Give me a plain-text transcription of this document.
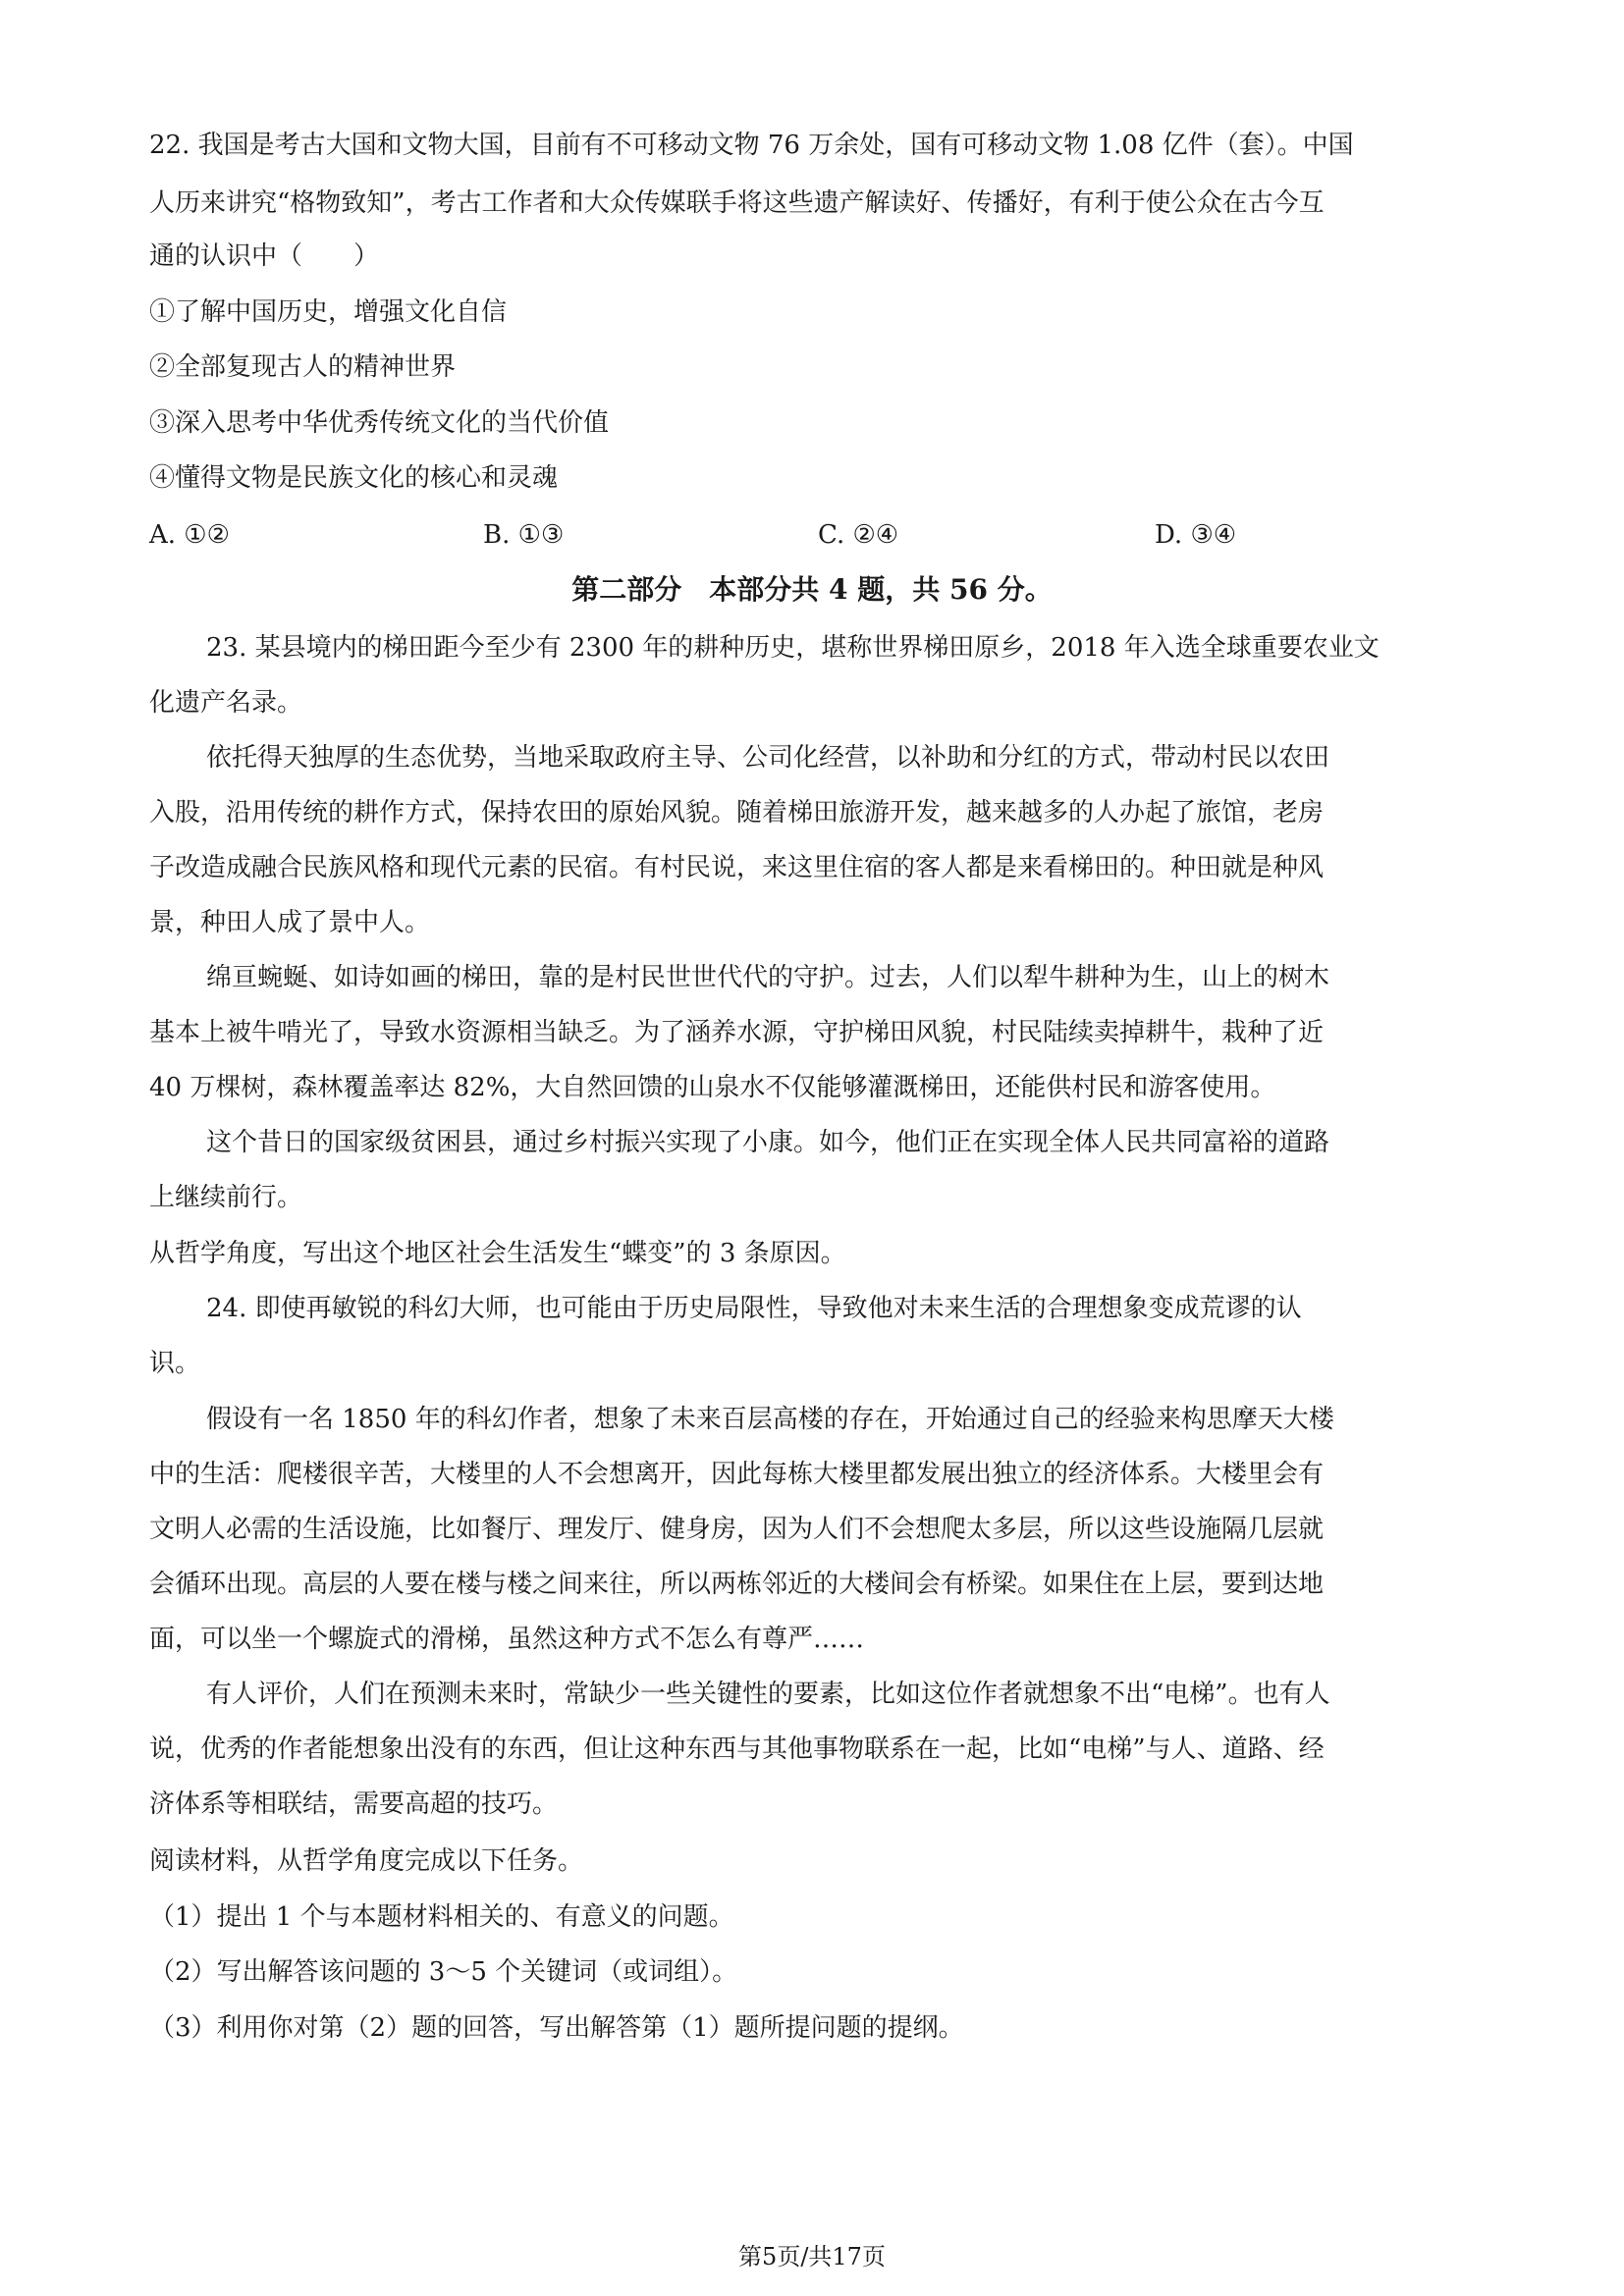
22. 我国是考古大国和文物大国，目前有不可移动文物 76 万余处，国有可移动文物 1.08 亿件（套）。中国
人历来讲究“格物致知”，考古工作者和大众传媒联手将这些遗产解读好、传播好，有利于使公众在古今互
通的认识中（　　）
①了解中国历史，增强文化自信
②全部复现古人的精神世界
③深入思考中华优秀传统文化的当代价值
④懂得文物是民族文化的核心和灵魂
A. ①②	B. ①③	C. ②④	D. ③④
第二部分　本部分共 4 题，共 56 分。
23. 某县境内的梯田距今至少有 2300 年的耕种历史，堪称世界梯田原乡，2018 年入选全球重要农业文
化遗产名录。
依托得天独厚的生态优势，当地采取政府主导、公司化经营，以补助和分红的方式，带动村民以农田
入股，沿用传统的耕作方式，保持农田的原始风貌。随着梯田旅游开发，越来越多的人办起了旅馆，老房
子改造成融合民族风格和现代元素的民宿。有村民说，来这里住宿的客人都是来看梯田的。种田就是种风
景，种田人成了景中人。
绵亘蜿蜒、如诗如画的梯田，靠的是村民世世代代的守护。过去，人们以犁牛耕种为生，山上的树木
基本上被牛啃光了，导致水资源相当缺乏。为了涵养水源，守护梯田风貌，村民陆续卖掉耕牛，栽种了近
40 万棵树，森林覆盖率达 82%，大自然回馈的山泉水不仅能够灌溉梯田，还能供村民和游客使用。
这个昔日的国家级贫困县，通过乡村振兴实现了小康。如今，他们正在实现全体人民共同富裕的道路
上继续前行。
从哲学角度，写出这个地区社会生活发生“蝶变”的 3 条原因。
24. 即使再敏锐的科幻大师，也可能由于历史局限性，导致他对未来生活的合理想象变成荒谬的认
识。
假设有一名 1850 年的科幻作者，想象了未来百层高楼的存在，开始通过自己的经验来构思摩天大楼
中的生活：爬楼很辛苦，大楼里的人不会想离开，因此每栋大楼里都发展出独立的经济体系。大楼里会有
文明人必需的生活设施，比如餐厅、理发厅、健身房，因为人们不会想爬太多层，所以这些设施隔几层就
会循环出现。高层的人要在楼与楼之间来往，所以两栋邻近的大楼间会有桥梁。如果住在上层，要到达地
面，可以坐一个螺旋式的滑梯，虽然这种方式不怎么有尊严……
有人评价，人们在预测未来时，常缺少一些关键性的要素，比如这位作者就想象不出“电梯”。也有人
说，优秀的作者能想象出没有的东西，但让这种东西与其他事物联系在一起，比如“电梯”与人、道路、经
济体系等相联结，需要高超的技巧。
阅读材料，从哲学角度完成以下任务。
（1）提出 1 个与本题材料相关的、有意义的问题。
（2）写出解答该问题的 3～5 个关键词（或词组）。
（3）利用你对第（2）题的回答，写出解答第（1）题所提问题的提纲。
第5页/共17页
